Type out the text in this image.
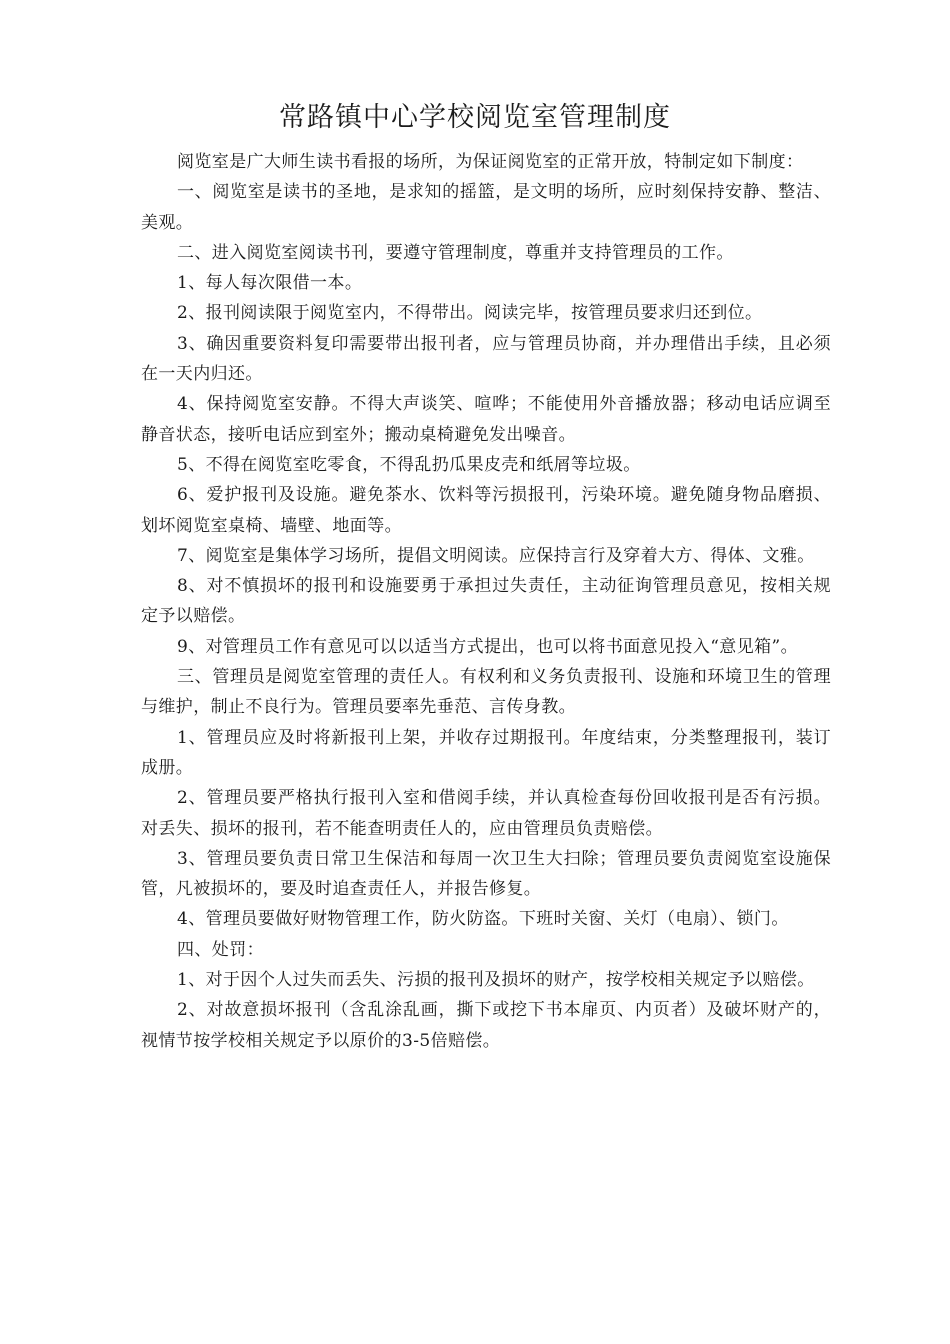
常路镇中心学校阅览室管理制度

阅览室是广大师生读书看报的场所，为保证阅览室的正常开放，特制定如下制度：

一、阅览室是读书的圣地，是求知的摇篮，是文明的场所，应时刻保持安静、整洁、美观。

二、进入阅览室阅读书刊，要遵守管理制度，尊重并支持管理员的工作。

1、每人每次限借一本。

2、报刊阅读限于阅览室内，不得带出。阅读完毕，按管理员要求归还到位。

3、确因重要资料复印需要带出报刊者，应与管理员协商，并办理借出手续，且必须在一天内归还。

4、保持阅览室安静。不得大声谈笑、喧哗；不能使用外音播放器；移动电话应调至静音状态，接听电话应到室外；搬动桌椅避免发出噪音。

5、不得在阅览室吃零食，不得乱扔瓜果皮壳和纸屑等垃圾。

6、爱护报刊及设施。避免茶水、饮料等污损报刊，污染环境。避免随身物品磨损、划坏阅览室桌椅、墙壁、地面等。

7、阅览室是集体学习场所，提倡文明阅读。应保持言行及穿着大方、得体、文雅。

8、对不慎损坏的报刊和设施要勇于承担过失责任，主动征询管理员意见，按相关规定予以赔偿。

9、对管理员工作有意见可以以适当方式提出，也可以将书面意见投入“意见箱”。

三、管理员是阅览室管理的责任人。有权利和义务负责报刊、设施和环境卫生的管理与维护，制止不良行为。管理员要率先垂范、言传身教。

1、管理员应及时将新报刊上架，并收存过期报刊。年度结束，分类整理报刊，装订成册。

2、管理员要严格执行报刊入室和借阅手续，并认真检查每份回收报刊是否有污损。对丢失、损坏的报刊，若不能查明责任人的，应由管理员负责赔偿。

3、管理员要负责日常卫生保洁和每周一次卫生大扫除；管理员要负责阅览室设施保管，凡被损坏的，要及时追查责任人，并报告修复。

4、管理员要做好财物管理工作，防火防盗。下班时关窗、关灯（电扇）、锁门。

四、处罚：

1、对于因个人过失而丢失、污损的报刊及损坏的财产，按学校相关规定予以赔偿。

2、对故意损坏报刊（含乱涂乱画，撕下或挖下书本扉页、内页者）及破坏财产的，视情节按学校相关规定予以原价的3-5倍赔偿。
